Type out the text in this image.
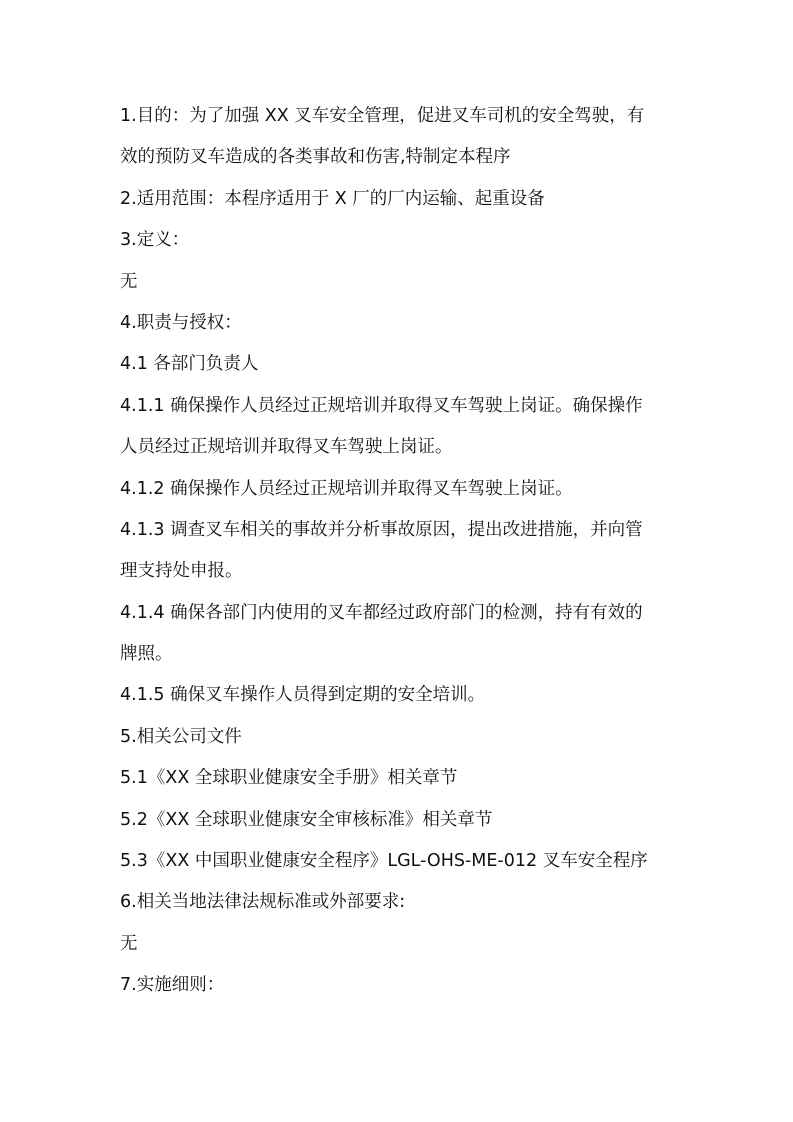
1.目的：为了加强 XX 叉车安全管理，促进叉车司机的安全驾驶，有
效的预防叉车造成的各类事故和伤害,特制定本程序
2.适用范围：本程序适用于 X 厂的厂内运输、起重设备
3.定义：
无
4.职责与授权：
4.1 各部门负责人
4.1.1 确保操作人员经过正规培训并取得叉车驾驶上岗证。确保操作
人员经过正规培训并取得叉车驾驶上岗证。
4.1.2 确保操作人员经过正规培训并取得叉车驾驶上岗证。
4.1.3 调查叉车相关的事故并分析事故原因，提出改进措施，并向管
理支持处申报。
4.1.4 确保各部门内使用的叉车都经过政府部门的检测，持有有效的
牌照。
4.1.5 确保叉车操作人员得到定期的安全培训。
5.相关公司文件
5.1《XX 全球职业健康安全手册》相关章节
5.2《XX 全球职业健康安全审核标准》相关章节
5.3《XX 中国职业健康安全程序》LGL-OHS-ME-012 叉车安全程序
6.相关当地法律法规标准或外部要求:
无
7.实施细则：
